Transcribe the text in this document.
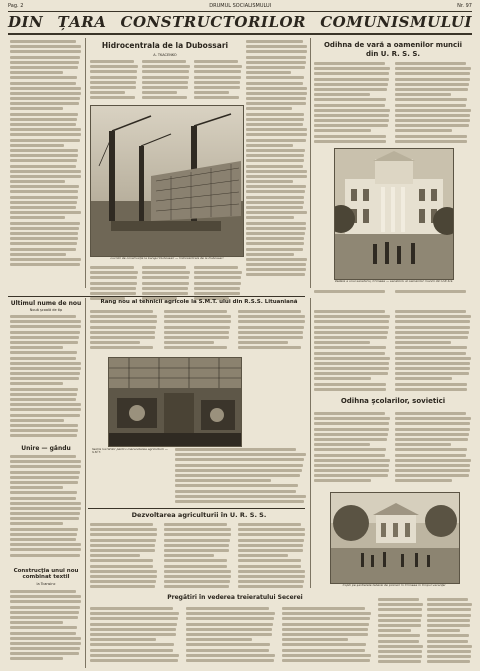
Pag. 2	DRUMUL SOCIALISMULUI	Nr. 97
DIN ȚARA CONSTRUCTORILOR COMUNISMULUI
Hidrocentrala de la Dubossari
A. TKACENKO
Lucrări de construcţie la barajul Dubossari — hidrocentrala de la Dubossari
Odihna de vară a oamenilor muncii
din U. R. S. S.
Vedere a unui sanatoriu, Crimeea — sanatoriu al oamenilor muncii din U.R.S.S.
Ultimul nume de nou
Nouă şcoală de tip
Unire — gându
Construcţia unui nou combinat textil
la Tcansinc
Rang nou al tehnicii agricole la S.M.T. ului din R.S.S. Lituaniană
Secţia lucrărilor pentru mecanizarea agriculturii — S.M.T.
Dezvoltarea agriculturii în U. R. S. S.
Pregătiri în vederea treieratului Secerei
Odihna şcolarilor, sovietici
Copiii pe şantierele taberei de pionieri în Crimeea în timpul vacanţei
